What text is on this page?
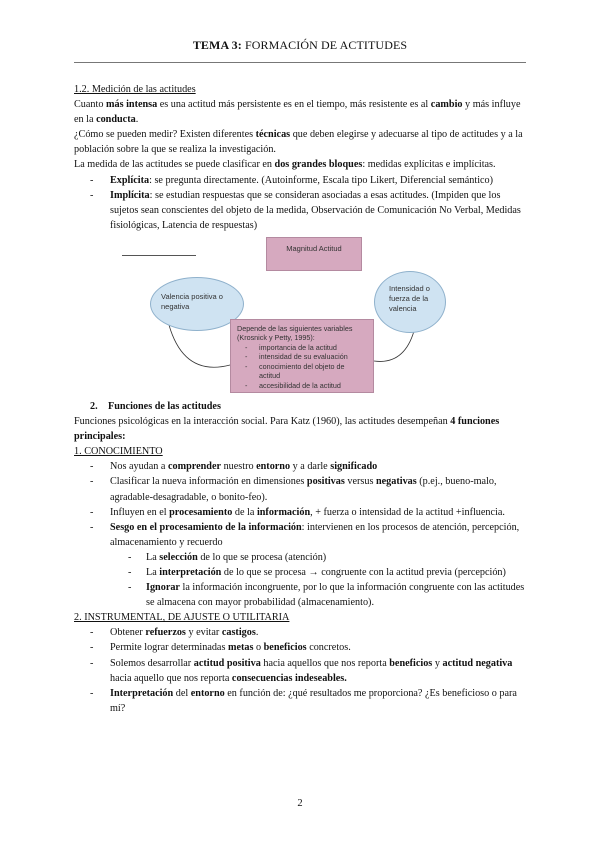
TEMA 3: FORMACIÓN DE ACTITUDES

1.2. Medición de las actitudes

Cuanto más intensa es una actitud más persistente es en el tiempo, más resistente es al cambio y más influye en la conducta.

¿Cómo se pueden medir? Existen diferentes técnicas que deben elegirse y adecuarse al tipo de actitudes y a la población sobre la que se realiza la investigación.

La medida de las actitudes se puede clasificar en dos grandes bloques: medidas explícitas e implícitas.

- Explícita: se pregunta directamente. (Autoinforme, Escala tipo Likert, Diferencial semántico)
- Implícita: se estudian respuestas que se consideran asociadas a esas actitudes. (Impiden que los sujetos sean conscientes del objeto de la medida, Observación de Comunicación No Verbal, Medidas fisiológicas, Latencia de respuestas)
Magnitud Actitud
Valencia positiva o negativa
Intensidad o fuerza de la valencia
Depende de las siguientes variables (Krosnick y Petty, 1995):
- importancia de la actitud
- intensidad de su evaluación
- conocimiento del objeto de actitud
- accesibilidad de la actitud

2. Funciones de las actitudes

Funciones psicológicas en la interacción social. Para Katz (1960), las actitudes desempeñan 4 funciones principales:

1. CONOCIMIENTO

- Nos ayudan a comprender nuestro entorno y a darle significado
- Clasificar la nueva información en dimensiones positivas versus negativas (p.ej., bueno-malo, agradable-desagradable, o bonito-feo).
- Influyen en el procesamiento de la información, + fuerza o intensidad de la actitud +influencia.
- Sesgo en el procesamiento de la información: intervienen en los procesos de atención, percepción, almacenamiento y recuerdo
- La selección de lo que se procesa (atención)
- La interpretación de lo que se procesa → congruente con la actitud previa (percepción)
- Ignorar la información incongruente, por lo que la información congruente con las actitudes se almacena con mayor probabilidad (almacenamiento).

2. INSTRUMENTAL, DE AJUSTE O UTILITARIA

- Obtener refuerzos y evitar castigos.
- Permite lograr determinadas metas o beneficios concretos.
- Solemos desarrollar actitud positiva hacia aquellos que nos reporta beneficios y actitud negativa hacia aquello que nos reporta consecuencias indeseables.
- Interpretación del entorno en función de: ¿qué resultados me proporciona? ¿Es beneficioso o para mí?
2
